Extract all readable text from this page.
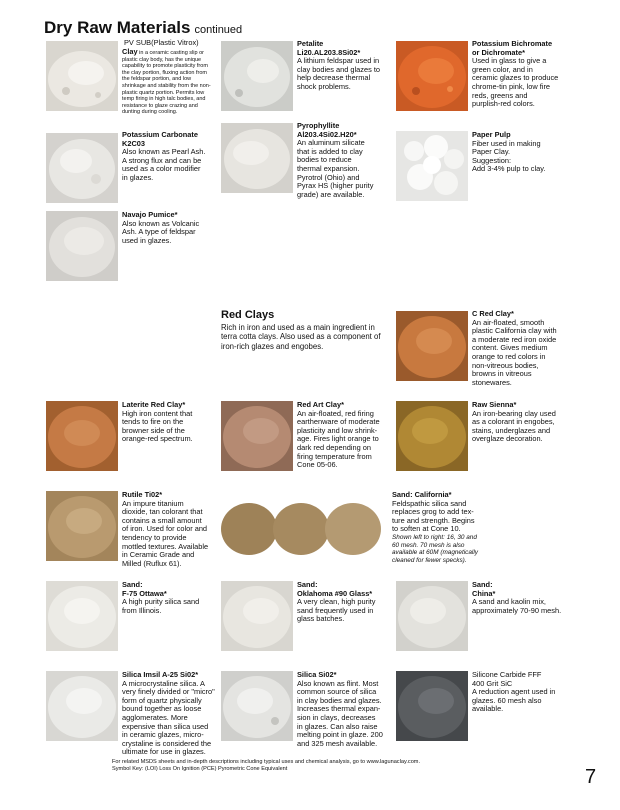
Dry Raw Materials continued
PV SUB(Plastic Vitrox)
Clay in a ceramic casting slip or plastic clay body, has the unique capability to promote plasticity from the clay portion, fluxing action from the feldspar portion, and low shrinkage and stability from the non-plastic quartz portion. Permits low temp firing in high talc bodies, and resistance to glaze crazing and dunting during cooling.
Potassium Carbonate
K2C03
Also known as Pearl Ash.
A strong flux and can be
used as a color modifier
in glazes.
Navajo Pumice*
Also known as Volcanic
Ash. A type of feldspar
used in glazes.
Petalite
Li20.AL203.8Si02*
A lithium feldspar used in
clay bodies and glazes to
help decrease thermal
shock problems.
Pyrophyllite
Al203.4Si02.H20*
An aluminum silicate
that is added to clay
bodies to reduce
thermal expansion.
Pyrotrol (Ohio) and
Pyrax HS (higher purity
grade) are available.
Potassium Bichromate
or Dichromate*
Used in glass to give a
green color, and in
ceramic glazes to produce
chrome-tin pink, low fire
reds, greens and
purplish-red colors.
Paper Pulp
Fiber used in making
Paper Clay.
Suggestion:
Add 3-4% pulp to clay.
Red Clays
Rich in iron and used as a main ingredient in
terra cotta clays. Also used as a component of
iron-rich glazes and engobes.
C Red Clay*
An air-floated, smooth
plastic California clay with
a moderate red iron oxide
content. Gives medium
orange to red colors in
non-vitreous bodies,
browns in vitreous
stonewares.
Laterite Red Clay*
High iron content that
tends to fire on the
browner side of the
orange-red spectrum.
Red Art Clay*
An air-floated, red firing
earthenware of moderate
plasticity and low shrink-
age. Fires light orange to
dark red depending on
firing temperature from
Cone 05-06.
Raw Sienna*
An iron-bearing clay used
as a colorant in engobes,
stains, underglazes and
overglaze decoration.
Rutile Ti02*
An impure titanium
dioxide, tan colorant that
contains a small amount
of iron. Used for color and
tendency to provide
mottled textures. Available
in Ceramic Grade and
Milled (Ruflux 61).
Sand: California*
Feldspathic silica sand
replaces grog to add tex-
ture and strength. Begins
to soften at Cone 10.
Shown left to right: 16, 30 and
60 mesh. 70 mesh is also
available at 60M (magnetically
cleaned for fewer specks).
Sand:
F-75 Ottawa*
A high purity silica sand
from Illinois.
Sand:
Oklahoma #90 Glass*
A very clean, high purity
sand frequently used in
glass batches.
Sand:
China*
A sand and kaolin mix,
approximately 70-90 mesh.
Silica Imsil A-25 Si02*
A microcrystaline silica. A
very finely divided or "micro"
form of quartz physically
bound together as loose
agglomerates. More
expensive than silica used
in ceramic glazes, micro-
crystaline is considered the
ultimate for use in glazes.
Silica Si02*
Also known as flint. Most
common source of silica
in clay bodies and glazes.
Increases thermal expan-
sion in clays, decreases
in glazes. Can also raise
melting point in glaze. 200
and 325 mesh available.
Silicone Carbide FFF
400 Grit SiC
A reduction agent used in
glazes. 60 mesh also
available.
For related MSDS sheets and in-depth descriptions including typical uses and chemical analysis, go to www.lagunaclay.com.
Symbol Key: (LOI) Loss On Ignition (PCE) Pyrometric Cone Equivalent	7
